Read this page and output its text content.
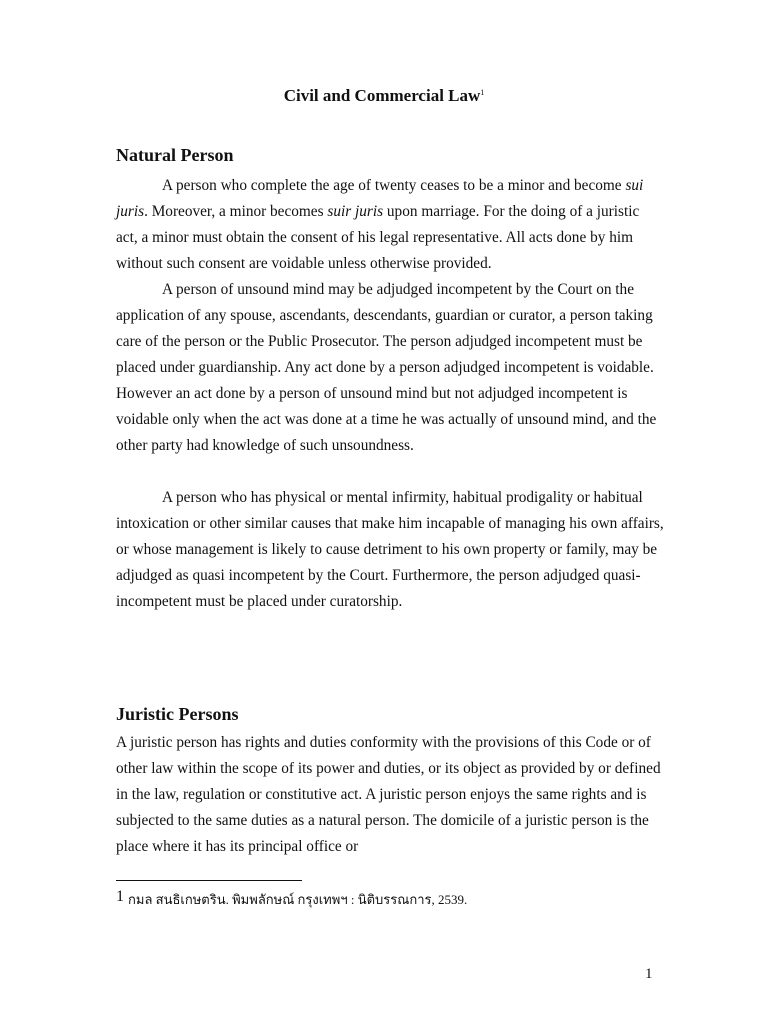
Civil and Commercial Law$^1$
Natural Person

A person who complete the age of twenty ceases to be a minor and become sui juris. Moreover, a minor becomes suir juris upon marriage. For the doing of a juristic act, a minor must obtain the consent of his legal representative. All acts done by him without such consent are voidable unless otherwise provided.

A person of unsound mind may be adjudged incompetent by the Court on the application of any spouse, ascendants, descendants, guardian or curator, a person taking care of the person or the Public Prosecutor. The person adjudged incompetent must be placed under guardianship. Any act done by a person adjudged incompetent is voidable. However an act done by a person of unsound mind but not adjudged incompetent is voidable only when the act was done at a time he was actually of unsound mind, and the other party had knowledge of such unsoundness.

A person who has physical or mental infirmity, habitual prodigality or habitual intoxication or other similar causes that make him incapable of managing his own affairs, or whose management is likely to cause detriment to his own property or family, may be adjudged as quasi incompetent by the Court. Furthermore, the person adjudged quasi-incompetent must be placed under curatorship.

Juristic Persons

A juristic person has rights and duties conformity with the provisions of this Code or of other law within the scope of its power and duties, or its object as provided by or defined in the law, regulation or constitutive act. A juristic person enjoys the same rights and is subjected to the same duties as a natural person. The domicile of a juristic person is the place where it has its principal office or

1 กมล สนธิเกษตริน. พิมพลักษณ์ กรุงเทพฯ : นิติบรรณการ, 2539.
1
